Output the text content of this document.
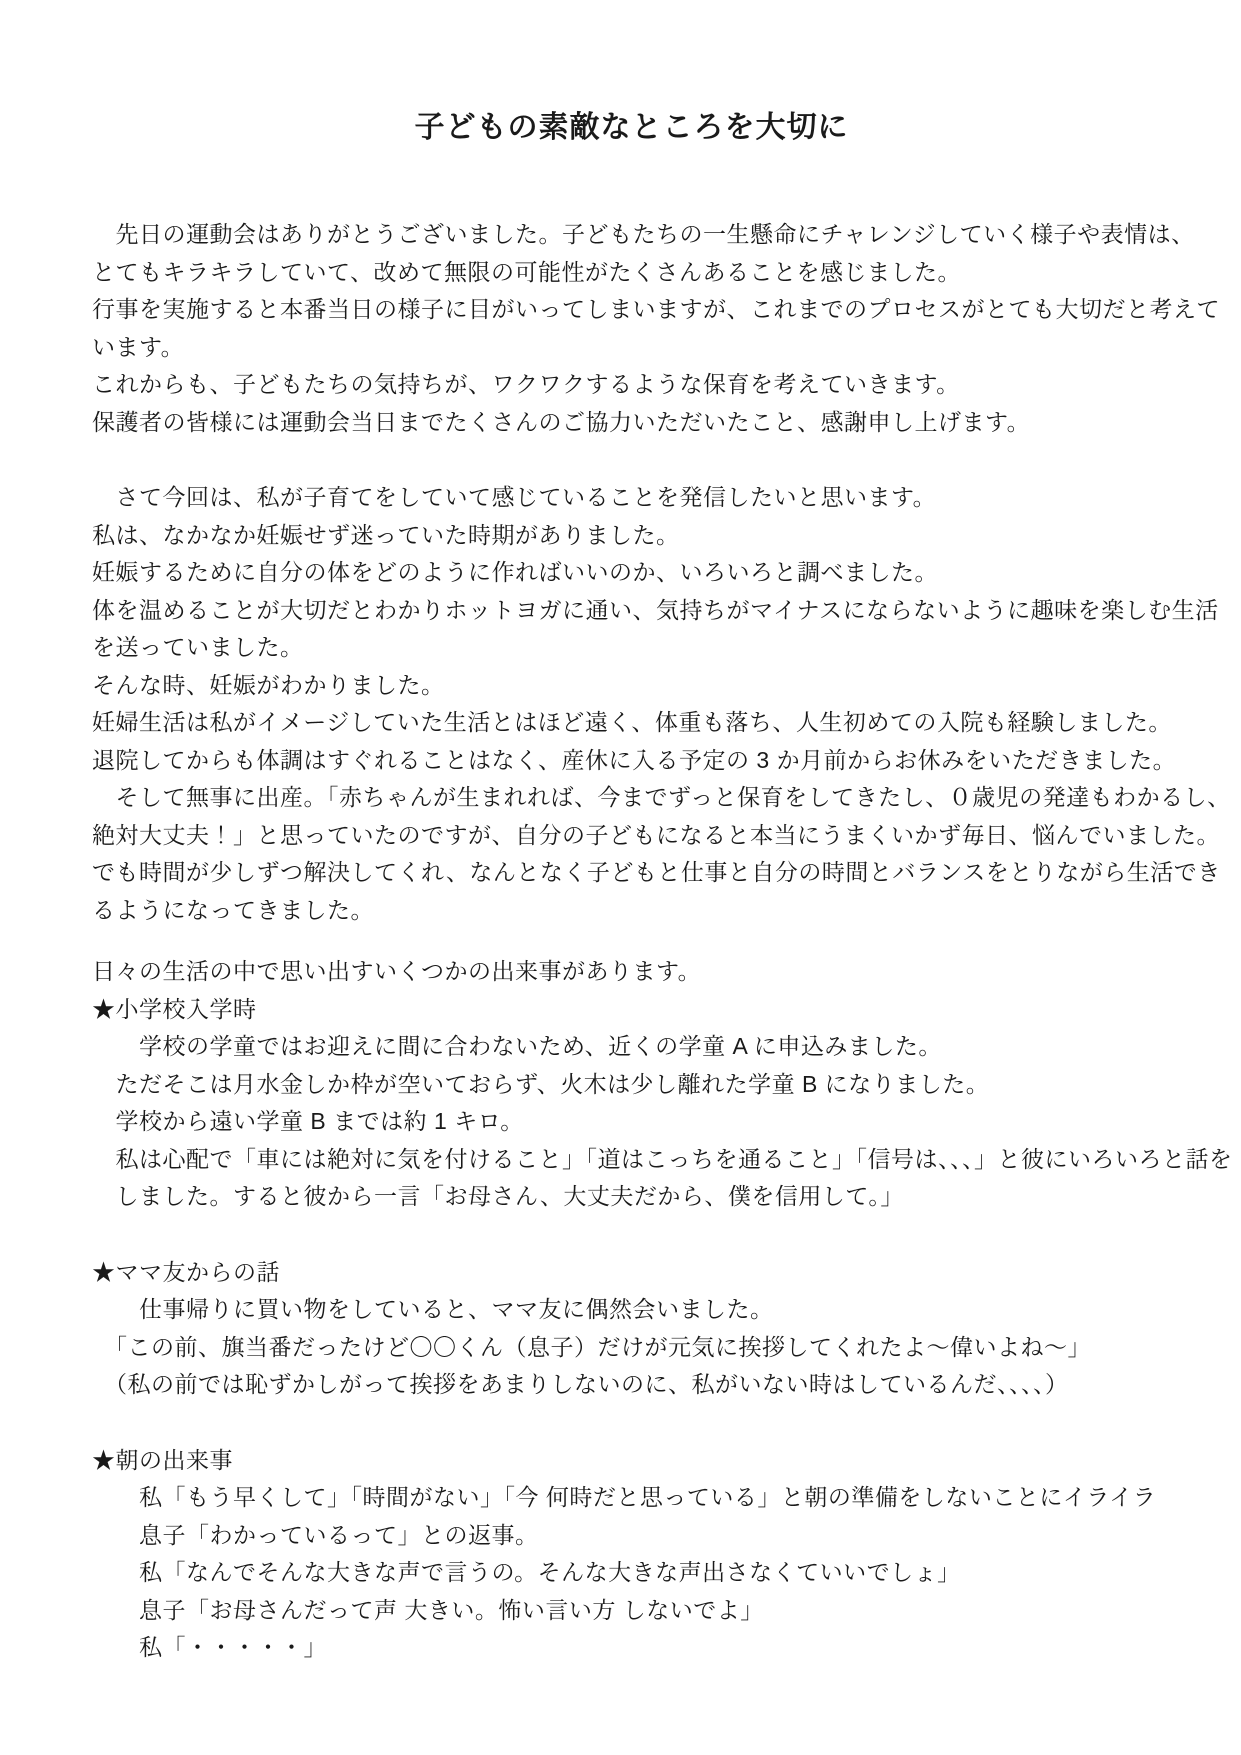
子どもの素敵なところを大切に
　先日の運動会はありがとうございました。子どもたちの一生懸命にチャレンジしていく様子や表情は、
とてもキラキラしていて、改めて無限の可能性がたくさんあることを感じました。
行事を実施すると本番当日の様子に目がいってしまいますが、これまでのプロセスがとても大切だと考えて
います。
これからも、子どもたちの気持ちが、ワクワクするような保育を考えていきます。
保護者の皆様には運動会当日までたくさんのご協力いただいたこと、感謝申し上げます。
　さて今回は、私が子育てをしていて感じていることを発信したいと思います。
私は、なかなか妊娠せず迷っていた時期がありました。
妊娠するために自分の体をどのように作ればいいのか、いろいろと調べました。
体を温めることが大切だとわかりホットヨガに通い、気持ちがマイナスにならないように趣味を楽しむ生活
を送っていました。
そんな時、妊娠がわかりました。
妊婦生活は私がイメージしていた生活とはほど遠く、体重も落ち、人生初めての入院も経験しました。
退院してからも体調はすぐれることはなく、産休に入る予定の 3 か月前からお休みをいただきました。
　そして無事に出産。「赤ちゃんが生まれれば、今までずっと保育をしてきたし、０歳児の発達もわかるし、
絶対大丈夫！」と思っていたのですが、自分の子どもになると本当にうまくいかず毎日、悩んでいました。
でも時間が少しずつ解決してくれ、なんとなく子どもと仕事と自分の時間とバランスをとりながら生活でき
るようになってきました。
日々の生活の中で思い出すいくつかの出来事があります。
★小学校入学時
　　学校の学童ではお迎えに間に合わないため、近くの学童 A に申込みました。
　ただそこは月水金しか枠が空いておらず、火木は少し離れた学童 B になりました。
　学校から遠い学童 B までは約 1 キロ。
　私は心配で「車には絶対に気を付けること」「道はこっちを通ること」「信号は、、、」と彼にいろいろと話を
　しました。すると彼から一言「お母さん、大丈夫だから、僕を信用して。」
★ママ友からの話
　　仕事帰りに買い物をしていると、ママ友に偶然会いました。
　「この前、旗当番だったけど〇〇くん（息子）だけが元気に挨拶してくれたよ～偉いよね～」
　（私の前では恥ずかしがって挨拶をあまりしないのに、私がいない時はしているんだ、、、、）
★朝の出来事
　　私「もう早くして」「時間がない」「今 何時だと思っている」と朝の準備をしないことにイライラ
　　息子「わかっているって」との返事。
　　私「なんでそんな大きな声で言うの。そんな大きな声出さなくていいでしょ」
　　息子「お母さんだって声 大きい。怖い言い方 しないでよ」
　　私「・・・・・」
